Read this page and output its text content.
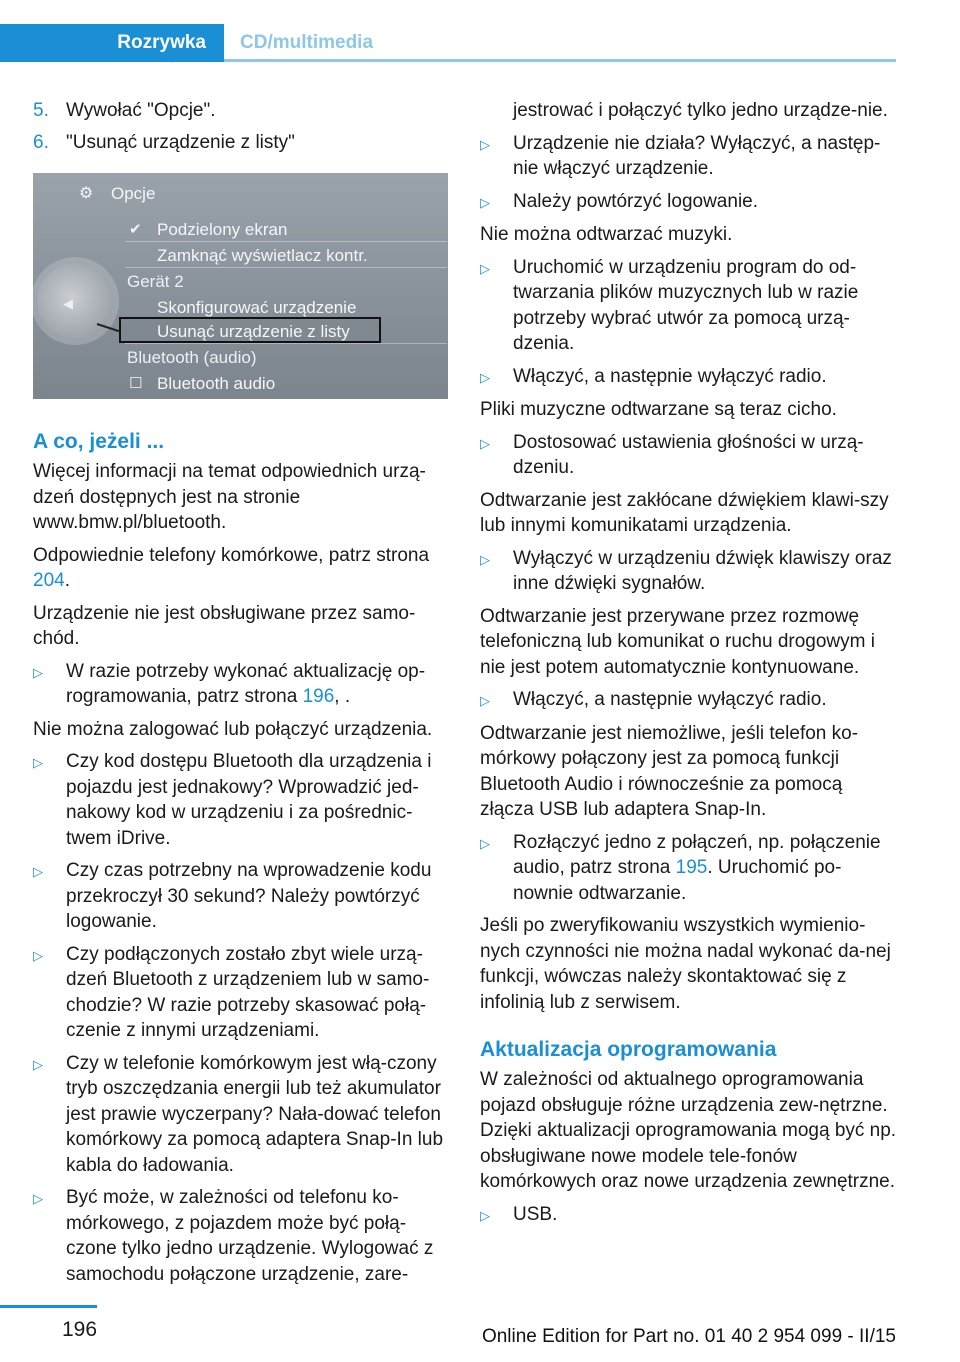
Rozrywka CD/multimedia
5. Wywołać "Opcje".
6. "Usunąć urządzenie z listy"
◀
⚙ Opcje
✔ Podzielony ekran
Zamknąć wyświetlacz kontr.
Gerät 2
Skonfigurować urządzenie
Usunąć urządzenie z listy
Bluetooth (audio)
☐ Bluetooth audio
A co, jeżeli ...

Więcej informacji na temat odpowiednich urzą‐dzeń dostępnych jest na stronie www.bmw.pl/bluetooth.

Odpowiednie telefony komórkowe, patrz strona 204.

Urządzenie nie jest obsługiwane przez samo‐chód.

▷	W razie potrzeby wykonać aktualizację op‐rogramowania, patrz strona 196, .

Nie można zalogować lub połączyć urządzenia.

▷	Czy kod dostępu Bluetooth dla urządzenia i pojazdu jest jednakowy? Wprowadzić jed‐nakowy kod w urządzeniu i za pośrednic‐twem iDrive.
▷	Czy czas potrzebny na wprowadzenie kodu przekroczył 30 sekund? Należy powtórzyć logowanie.
▷	Czy podłączonych zostało zbyt wiele urzą‐dzeń Bluetooth z urządzeniem lub w samo‐chodzie? W razie potrzeby skasować połą‐czenie z innymi urządzeniami.
▷	Czy w telefonie komórkowym jest włą‐czony tryb oszczędzania energii lub też akumulator jest prawie wyczerpany? Nała‐dować telefon komórkowy za pomocą adaptera Snap-In lub kabla do ładowania.
▷	Być może, w zależności od telefonu ko‐mórkowego, z pojazdem może być połą‐czone tylko jedno urządzenie. Wylogować z samochodu połączone urządzenie, zare‐
jestrować i połączyć tylko jedno urządze‐nie.
▷	Urządzenie nie działa? Wyłączyć, a następ‐nie włączyć urządzenie.
▷	Należy powtórzyć logowanie.

Nie można odtwarzać muzyki.

▷	Uruchomić w urządzeniu program do od‐twarzania plików muzycznych lub w razie potrzeby wybrać utwór za pomocą urzą‐dzenia.
▷	Włączyć, a następnie wyłączyć radio.

Pliki muzyczne odtwarzane są teraz cicho.

▷	Dostosować ustawienia głośności w urzą‐dzeniu.

Odtwarzanie jest zakłócane dźwiękiem klawi‐szy lub innymi komunikatami urządzenia.

▷	Wyłączyć w urządzeniu dźwięk klawiszy oraz inne dźwięki sygnałów.

Odtwarzanie jest przerywane przez rozmowę telefoniczną lub komunikat o ruchu drogowym i nie jest potem automatycznie kontynuowane.

▷	Włączyć, a następnie wyłączyć radio.

Odtwarzanie jest niemożliwe, jeśli telefon ko‐mórkowy połączony jest za pomocą funkcji Bluetooth Audio i równocześnie za pomocą złącza USB lub adaptera Snap-In.

▷	Rozłączyć jedno z połączeń, np. połączenie audio, patrz strona 195. Uruchomić po‐nownie odtwarzanie.

Jeśli po zweryfikowaniu wszystkich wymienio‐nych czynności nie można nadal wykonać da‐nej funkcji, wówczas należy skontaktować się z infolinią lub z serwisem.

Aktualizacja oprogramowania

W zależności od aktualnego oprogramowania pojazd obsługuje różne urządzenia zew‐nętrzne. Dzięki aktualizacji oprogramowania mogą być np. obsługiwane nowe modele tele‐fonów komórkowych oraz nowe urządzenia zewnętrzne.

▷	USB.
196	Online Edition for Part no. 01 40 2 954 099 - II/15
